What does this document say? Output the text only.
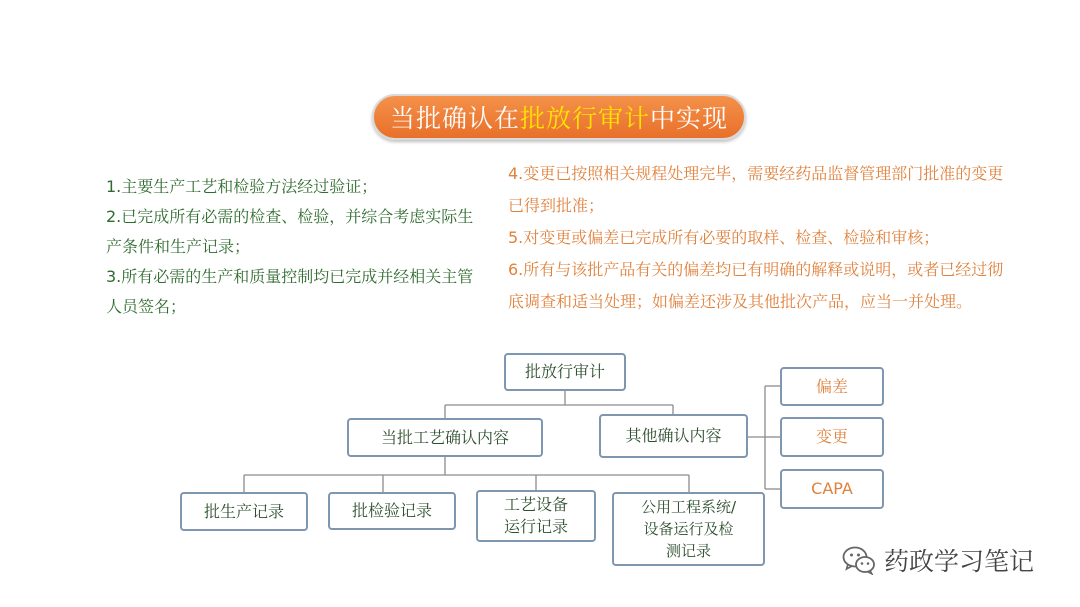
当批确认在 批放行审计 中实现

1.主要生产工艺和检验方法经过验证；

2.已完成所有必需的检查、检验，并综合考虑实际生产条件和生产记录；

3.所有必需的生产和质量控制均已完成并经相关主管人员签名；

4.变更已按照相关规程处理完毕，需要经药品监督管理部门批准的变更已得到批准；

5.对变更或偏差已完成所有必要的取样、检查、检验和审核；

6.所有与该批产品有关的偏差均已有明确的解释或说明，或者已经过彻底调查和适当处理；如偏差还涉及其他批次产品，应当一并处理。

批放行审计
当批工艺确认内容	其他确认内容
批生产记录	批检验记录	工艺设备
运行记录
公用工程系统/
设备运行及检
测记录
偏差
变更
CAPA
药政学习笔记
